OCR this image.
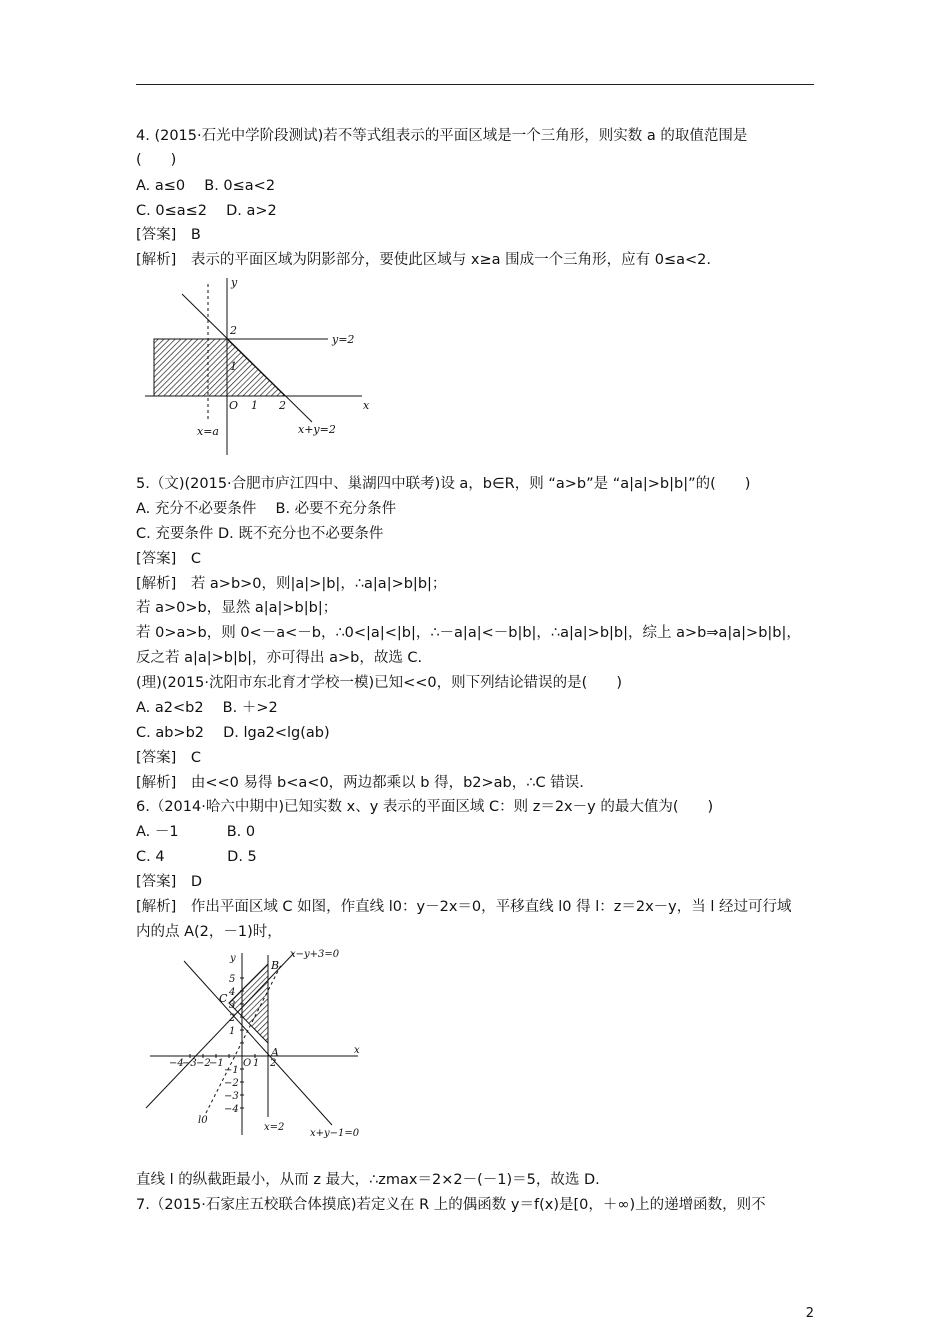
4. (2015·石光中学阶段测试)若不等式组表示的平面区域是一个三角形，则实数 a 的取值范围是
(　　)
A. a≤0　 B. 0≤a<2
C. 0≤a≤2　 D. a>2
[答案]　B
[解析]　表示的平面区域为阴影部分，要使此区域与 x≥a 围成一个三角形，应有 0≤a<2.
y
x
O
2
1
1 2
y=2
x=a	x+y=2
5.（文)(2015·合肥市庐江四中、巢湖四中联考)设 a，b∈R，则 “a>b”是 “a|a|>b|b|”的(　　)
A. 充分不必要条件　 B. 必要不充分条件
C. 充要条件 D. 既不充分也不必要条件
[答案]　C
[解析]　若 a>b>0，则|a|>|b|，∴a|a|>b|b|；
若 a>0>b，显然 a|a|>b|b|；
若 0>a>b，则 0<－a<－b，∴0<|a|<|b|，∴－a|a|<－b|b|，∴a|a|>b|b|，综上 a>b⇒a|a|>b|b|，
反之若 a|a|>b|b|，亦可得出 a>b，故选 C.
(理)(2015·沈阳市东北育才学校一模)已知<<0，则下列结论错误的是(　　)
A. a2<b2　 B. ＋>2
C. ab>b2　 D. lga2<lg(ab)
[答案]　C
[解析]　由<<0 易得 b<a<0，两边都乘以 b 得，b2>ab，∴C 错误.
6.（2014·哈六中期中)已知实数 x、y 表示的平面区域 C：则 z＝2x－y 的最大值为(　　)
A. －1　　　 B. 0
C. 4　　　　 D. 5
[答案]　D
[解析]　作出平面区域 C 如图，作直线 l0：y－2x＝0，平移直线 l0 得 l：z＝2x－y，当 l 经过可行域
内的点 A(2，－1)时，
y
x
O
5
4
3
2
1
−1
−2
−3
−4
−4
−3 −2
−1	1 2
x−y+3=0
x+y−1=0
x=2
B
C
A
l0
直线 l 的纵截距最小，从而 z 最大，∴zmax＝2×2－(－1)＝5，故选 D.
7.（2015·石家庄五校联合体摸底)若定义在 R 上的偶函数 y＝f(x)是[0，＋∞)上的递增函数，则不
2
